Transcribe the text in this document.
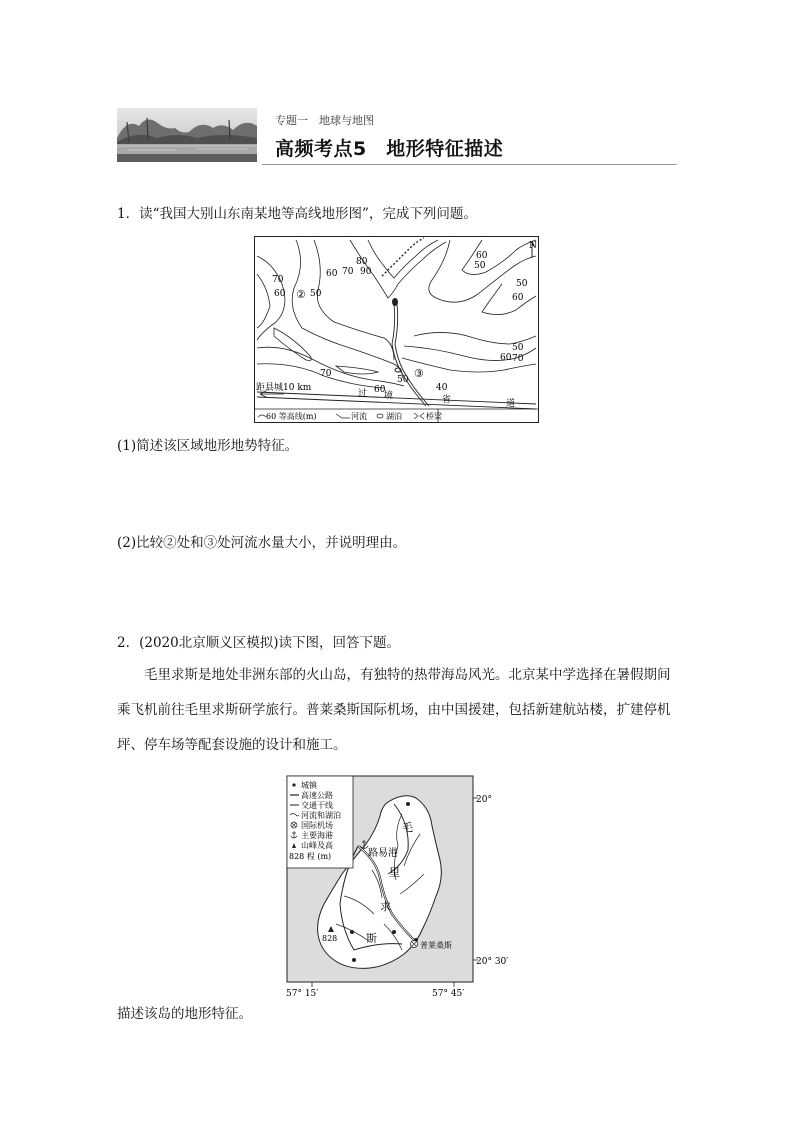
专题一　地球与地图
高频考点5　地形特征描述
1．读“我国大别山东南某地等高线地形图”，完成下列问题。
N
70
60	50
60 70
80
90
60
50
50
60
50
60 70
70
60
50
40
②
③
距县城10 km
过 境	省	道
60 等高线(m)	河流 湖泊	桥梁
(1)简述该区域地形地势特征。
(2)比较②处和③处河流水量大小，并说明理由。
2．(2020北京顺义区模拟)读下图，回答下题。
毛里求斯是地处非洲东部的火山岛，有独特的热带海岛风光。北京某中学选择在暑假期间乘飞机前往毛里求斯研学旅行。普莱桑斯国际机场，由中国援建，包括新建航站楼，扩建停机坪、停车场等配套设施的设计和施工。
毛
里
求
斯
路易港
普莱桑斯
828
城镇
高速公路
交通干线
河流和湖泊
国际机场
主要海港
山峰及高
828 程 (m)
20°
20° 30′
57° 15′	57° 45′
描述该岛的地形特征。
